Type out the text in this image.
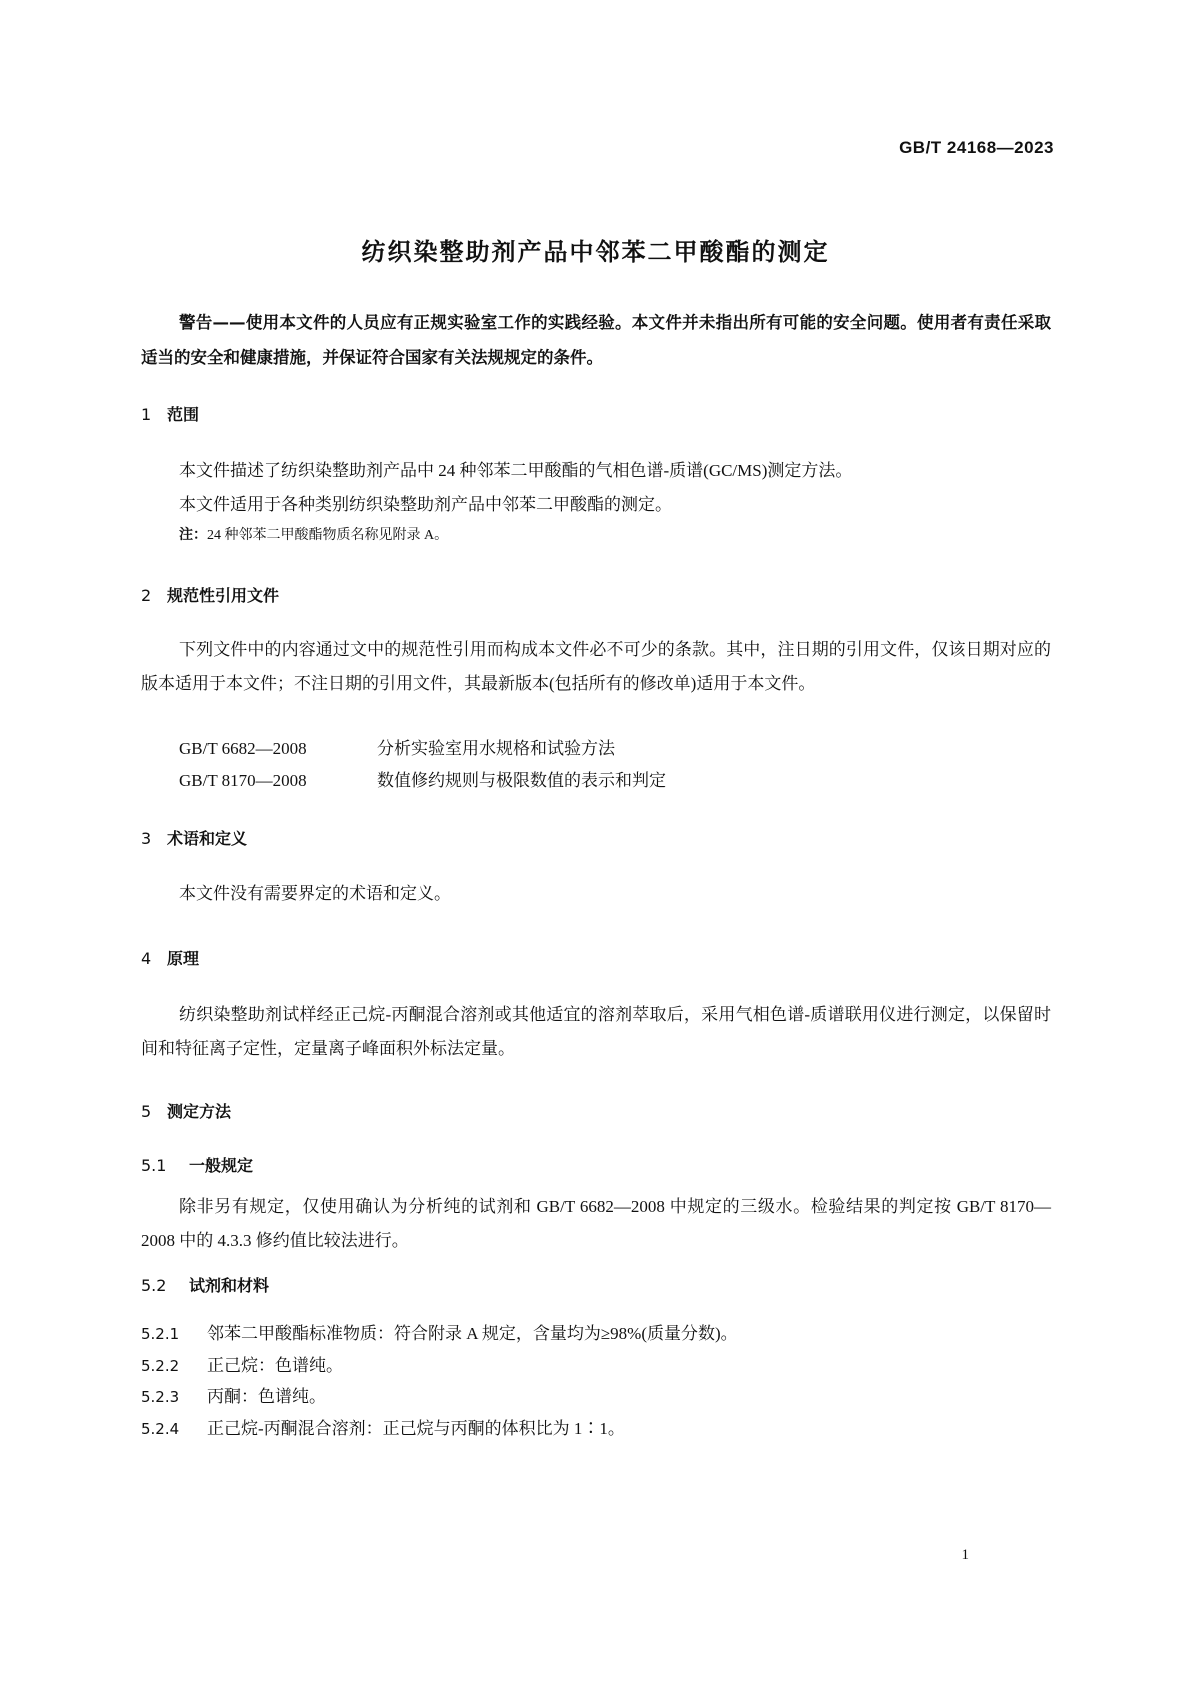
GB/T 24168—2023
纺织染整助剂产品中邻苯二甲酸酯的测定
警告——使用本文件的人员应有正规实验室工作的实践经验。本文件并未指出所有可能的安全问题。使用者有责任采取适当的安全和健康措施，并保证符合国家有关法规规定的条件。
1 范围
本文件描述了纺织染整助剂产品中 24 种邻苯二甲酸酯的气相色谱-质谱(GC/MS)测定方法。
本文件适用于各种类别纺织染整助剂产品中邻苯二甲酸酯的测定。
注：24 种邻苯二甲酸酯物质名称见附录 A。
2 规范性引用文件
下列文件中的内容通过文中的规范性引用而构成本文件必不可少的条款。其中，注日期的引用文件，仅该日期对应的版本适用于本文件；不注日期的引用文件，其最新版本(包括所有的修改单)适用于本文件。
GB/T 6682—2008	分析实验室用水规格和试验方法
GB/T 8170—2008	数值修约规则与极限数值的表示和判定
3 术语和定义
本文件没有需要界定的术语和定义。
4 原理
纺织染整助剂试样经正己烷-丙酮混合溶剂或其他适宜的溶剂萃取后，采用气相色谱-质谱联用仪进行测定，以保留时间和特征离子定性，定量离子峰面积外标法定量。
5 测定方法
5.1 一般规定
除非另有规定，仅使用确认为分析纯的试剂和 GB/T 6682—2008 中规定的三级水。检验结果的判定按 GB/T 8170—2008 中的 4.3.3 修约值比较法进行。
5.2 试剂和材料
5.2.1 邻苯二甲酸酯标准物质：符合附录 A 规定，含量均为≥98%(质量分数)。
5.2.2 正己烷：色谱纯。
5.2.3 丙酮：色谱纯。
5.2.4 正己烷-丙酮混合溶剂：正己烷与丙酮的体积比为 1∶1。
1
